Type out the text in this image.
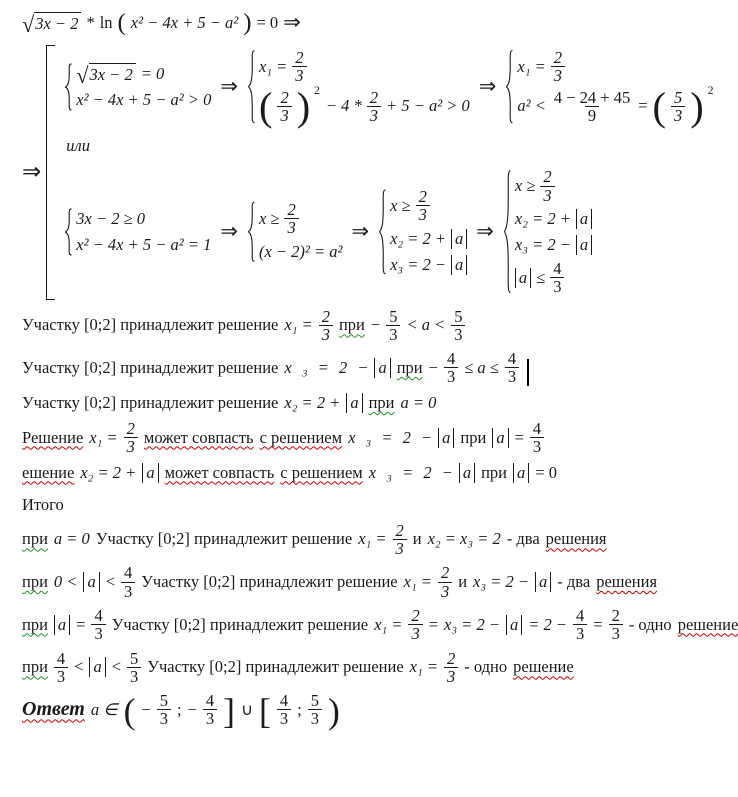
√ 3x − 2 * ln ( x² − 4x + 5 − a² ) = 0 ⇒
⇒
√ 3x − 2 = 0
x² − 4x + 5 − a² > 0
⇒
$x_1 = \frac{2}{3}$
( $\frac{2}{3}$ ) 2
− $4 * \frac{2}{3} + 5 - a^2 > 0$
⇒
$x_1 = \frac{2}{3}$
$a^2 < \frac{4 - 24 + 45}{9}$ = ( $\frac{5}{3}$ ) 2
или
3x − 2 ≥ 0
x² − 4x + 5 − a² = 1
⇒
$x \ge \frac{2}{3}$
(x − 2)² = a²
⇒
$x \ge \frac{2}{3}$
x₂ = 2 + a
x₃ = 2 − a
⇒
$x \ge \frac{2}{3}$
x₂ = 2 + a
x₃ = 2 − a
$a \le \frac{4}{3}$
Участку [0;2] принадлежит решение $x_1 = \frac{2}{3}$ при − $\frac{5}{3} < a < \frac{5}{3}$
Участку [0;2] принадлежит решение x ₃ = 2 − a при − $\frac{4}{3} \le a \le \frac{4}{3}$
Участку [0;2] принадлежит решение x₂ = 2 + a при a = 0
Решение $x_1 = \frac{2}{3}$ может совпасть с решением x ₃ = 2 − a при $a = \frac{4}{3}$
ешение x₂ = 2 + a может совпасть с решением x ₃ = 2 − a при a = 0
Итого
при a = 0 Участку [0;2] принадлежит решение $x_1 = \frac{2}{3}$ и x₂ = x₃ = 2 - два решения
при $0 < a < \frac{4}{3}$ Участку [0;2] принадлежит решение $x_1 = \frac{2}{3}$ и x₃ = 2 − a - два решения
при $a = \frac{4}{3}$ Участку [0;2] принадлежит решение $x_1 = \frac{2}{3} = x_3 = 2 - a = 2 - \frac{4}{3} = \frac{2}{3}$ - одно решение
при $\frac{4}{3} < a < \frac{5}{3}$ Участку [0;2] принадлежит решение $x_1 = \frac{2}{3}$ - одно решение
Ответ a ∈ ( − $\frac{5}{3}$ ; − $\frac{4}{3}$ ] ∪ [ $\frac{4}{3}$ ; $\frac{5}{3}$ )
